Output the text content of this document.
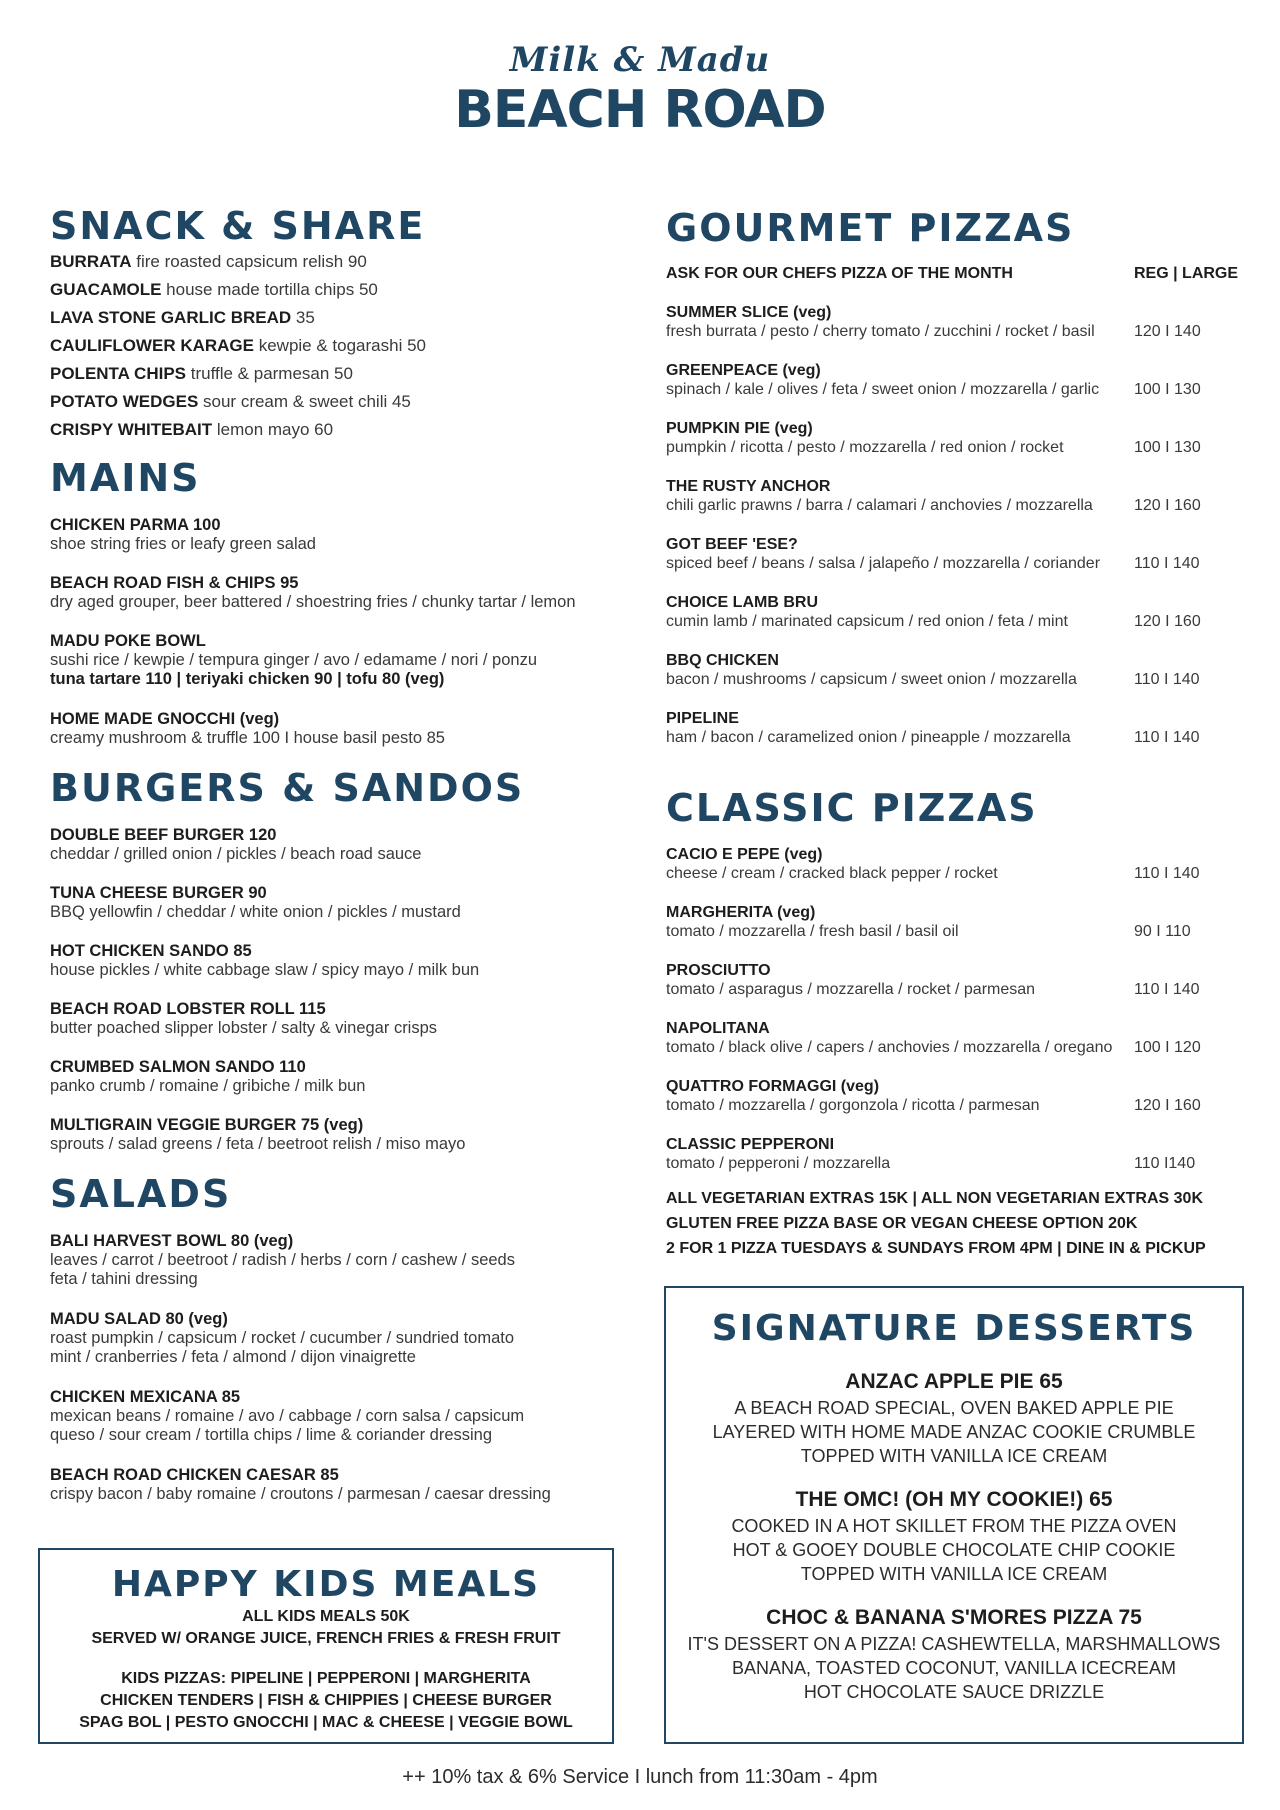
Milk & Madu
BEACH ROAD
SNACK & SHARE
BURRATA fire roasted capsicum relish 90
GUACAMOLE house made tortilla chips 50
LAVA STONE GARLIC BREAD 35
CAULIFLOWER KARAGE kewpie & togarashi 50
POLENTA CHIPS truffle & parmesan 50
POTATO WEDGES sour cream & sweet chili 45
CRISPY WHITEBAIT lemon mayo 60
MAINS
CHICKEN PARMA 100
shoe string fries or leafy green salad
BEACH ROAD FISH & CHIPS 95
dry aged grouper, beer battered / shoestring fries / chunky tartar / lemon
MADU POKE BOWL
sushi rice / kewpie / tempura ginger / avo / edamame / nori / ponzu
tuna tartare 110 | teriyaki chicken 90 | tofu 80 (veg)
HOME MADE GNOCCHI (veg)
creamy mushroom & truffle 100 I house basil pesto 85
BURGERS & SANDOS
DOUBLE BEEF BURGER 120
cheddar / grilled onion / pickles / beach road sauce
TUNA CHEESE BURGER 90
BBQ yellowfin / cheddar / white onion / pickles / mustard
HOT CHICKEN SANDO 85
house pickles / white cabbage slaw / spicy mayo / milk bun
BEACH ROAD LOBSTER ROLL 115
butter poached slipper lobster / salty & vinegar crisps
CRUMBED SALMON SANDO 110
panko crumb / romaine / gribiche / milk bun
MULTIGRAIN VEGGIE BURGER 75 (veg)
sprouts / salad greens / feta / beetroot relish / miso mayo
SALADS
BALI HARVEST BOWL 80 (veg)
leaves / carrot / beetroot / radish / herbs / corn / cashew / seeds
feta / tahini dressing
MADU SALAD 80 (veg)
roast pumpkin / capsicum / rocket / cucumber / sundried tomato
mint / cranberries / feta / almond / dijon vinaigrette
CHICKEN MEXICANA 85
mexican beans / romaine / avo / cabbage / corn salsa / capsicum
queso / sour cream / tortilla chips / lime & coriander dressing
BEACH ROAD CHICKEN CAESAR 85
crispy bacon / baby romaine / croutons / parmesan / caesar dressing
HAPPY KIDS MEALS
ALL KIDS MEALS 50K
SERVED W/ ORANGE JUICE, FRENCH FRIES & FRESH FRUIT
KIDS PIZZAS: PIPELINE | PEPPERONI | MARGHERITA
CHICKEN TENDERS | FISH & CHIPPIES | CHEESE BURGER
SPAG BOL | PESTO GNOCCHI | MAC & CHEESE | VEGGIE BOWL
GOURMET PIZZAS
ASK FOR OUR CHEFS PIZZA OF THE MONTH	REG | LARGE
SUMMER SLICE (veg)
fresh burrata / pesto / cherry tomato / zucchini / rocket / basil	120 I 140
GREENPEACE (veg)
spinach / kale / olives / feta / sweet onion / mozzarella / garlic	100 I 130
PUMPKIN PIE (veg)
pumpkin / ricotta / pesto / mozzarella / red onion / rocket	100 I 130
THE RUSTY ANCHOR
chili garlic prawns / barra / calamari / anchovies / mozzarella	120 I 160
GOT BEEF 'ESE?
spiced beef / beans / salsa / jalapeño / mozzarella / coriander	110 I 140
CHOICE LAMB BRU
cumin lamb / marinated capsicum / red onion / feta / mint	120 I 160
BBQ CHICKEN
bacon / mushrooms / capsicum / sweet onion / mozzarella	110 I 140
PIPELINE
ham / bacon / caramelized onion / pineapple / mozzarella	110 I 140
CLASSIC PIZZAS
CACIO E PEPE (veg)
cheese / cream / cracked black pepper / rocket	110 I 140
MARGHERITA (veg)
tomato / mozzarella / fresh basil / basil oil	90 I 110
PROSCIUTTO
tomato / asparagus / mozzarella / rocket / parmesan	110 I 140
NAPOLITANA
tomato / black olive / capers / anchovies / mozzarella / oregano	100 I 120
QUATTRO FORMAGGI (veg)
tomato / mozzarella / gorgonzola / ricotta / parmesan	120 I 160
CLASSIC PEPPERONI
tomato / pepperoni / mozzarella	110 I140
ALL VEGETARIAN EXTRAS 15K | ALL NON VEGETARIAN EXTRAS 30K
GLUTEN FREE PIZZA BASE OR VEGAN CHEESE OPTION 20K
2 FOR 1 PIZZA TUESDAYS & SUNDAYS FROM 4PM | DINE IN & PICKUP
SIGNATURE DESSERTS
ANZAC APPLE PIE 65
A BEACH ROAD SPECIAL, OVEN BAKED APPLE PIE
LAYERED WITH HOME MADE ANZAC COOKIE CRUMBLE
TOPPED WITH VANILLA ICE CREAM
THE OMC! (OH MY COOKIE!) 65
COOKED IN A HOT SKILLET FROM THE PIZZA OVEN
HOT & GOOEY DOUBLE CHOCOLATE CHIP COOKIE
TOPPED WITH VANILLA ICE CREAM
CHOC & BANANA S'MORES PIZZA 75
IT'S DESSERT ON A PIZZA! CASHEWTELLA, MARSHMALLOWS
BANANA, TOASTED COCONUT, VANILLA ICECREAM
HOT CHOCOLATE SAUCE DRIZZLE
++ 10% tax & 6% Service I lunch from 11:30am - 4pm
